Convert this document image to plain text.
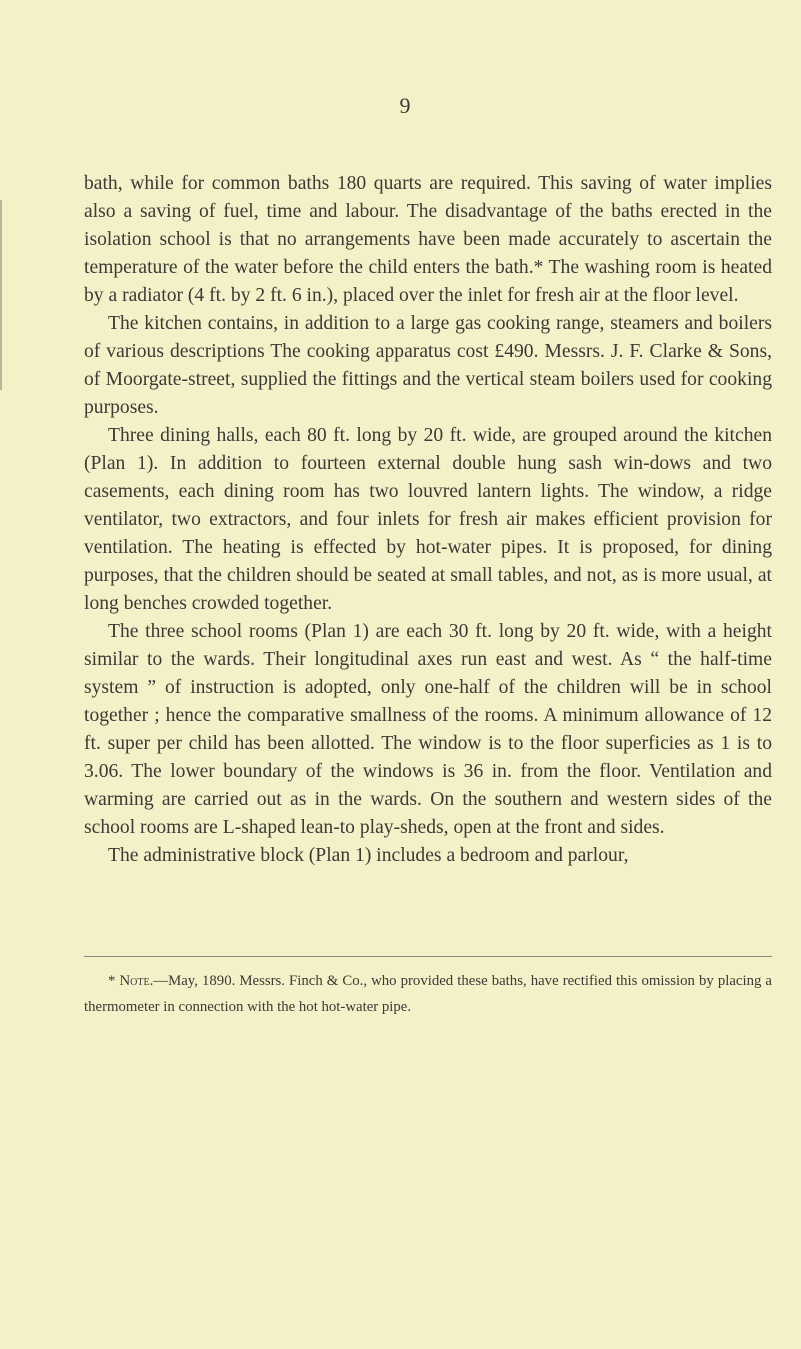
9

bath, while for common baths 180 quarts are required. This saving of water implies also a saving of fuel, time and labour. The disadvantage of the baths erected in the isolation school is that no arrangements have been made accurately to ascertain the temperature of the water before the child enters the bath.* The washing room is heated by a radiator (4 ft. by 2 ft. 6 in.), placed over the inlet for fresh air at the floor level.

The kitchen contains, in addition to a large gas cooking range, steamers and boilers of various descriptions The cooking apparatus cost £490. Messrs. J. F. Clarke & Sons, of Moorgate-street, supplied the fittings and the vertical steam boilers used for cooking purposes.

Three dining halls, each 80 ft. long by 20 ft. wide, are grouped around the kitchen (Plan 1). In addition to fourteen external double hung sash win-dows and two casements, each dining room has two louvred lantern lights. The window, a ridge ventilator, two extractors, and four inlets for fresh air makes efficient provision for ventilation. The heating is effected by hot-water pipes. It is proposed, for dining purposes, that the children should be seated at small tables, and not, as is more usual, at long benches crowded together.

The three school rooms (Plan 1) are each 30 ft. long by 20 ft. wide, with a height similar to the wards. Their longitudinal axes run east and west. As “ the half-time system ” of instruction is adopted, only one-half of the children will be in school together ; hence the comparative smallness of the rooms. A minimum allowance of 12 ft. super per child has been allotted. The window is to the floor superficies as 1 is to 3.06. The lower boundary of the windows is 36 in. from the floor. Ventilation and warming are carried out as in the wards. On the southern and western sides of the school rooms are L-shaped lean-to play-sheds, open at the front and sides.

The administrative block (Plan 1) includes a bedroom and parlour,

* Note.—May, 1890. Messrs. Finch & Co., who provided these baths, have rectified this omission by placing a thermometer in connection with the hot hot-water pipe.
